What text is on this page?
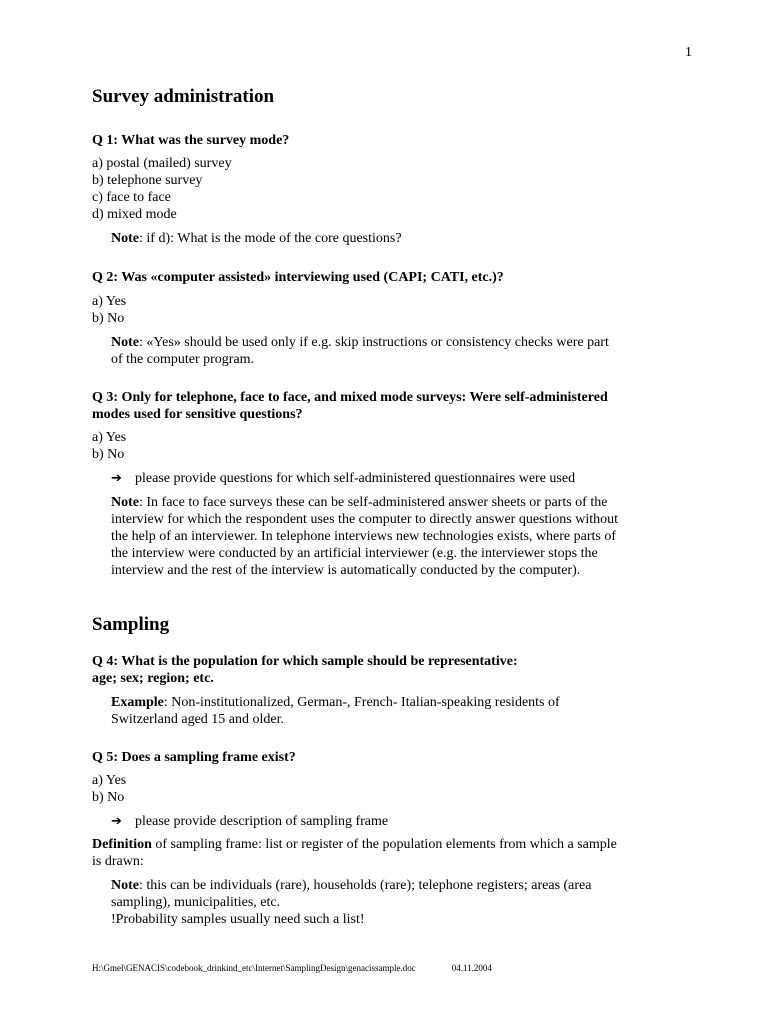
1
Survey administration

Q 1: What was the survey mode?

a) postal (mailed) survey

b) telephone survey

c) face to face

d) mixed mode

Note: if d): What is the mode of the core questions?

Q 2: Was «computer assisted» interviewing used (CAPI; CATI, etc.)?

a) Yes

b) No

Note: «Yes» should be used only if e.g. skip instructions or consistency checks were part

of the computer program.

Q 3: Only for telephone, face to face, and mixed mode surveys: Were self-administered

modes used for sensitive questions?

a) Yes

b) No

➔ please provide questions for which self-administered questionnaires were used

Note: In face to face surveys these can be self-administered answer sheets or parts of the

interview for which the respondent uses the computer to directly answer questions without

the help of an interviewer. In telephone interviews new technologies exists, where parts of

the interview were conducted by an artificial interviewer (e.g. the interviewer stops the

interview and the rest of the interview is automatically conducted by the computer).

Sampling

Q 4: What is the population for which sample should be representative:

age; sex; region; etc.

Example: Non-institutionalized, German-, French- Italian-speaking residents of

Switzerland aged 15 and older.

Q 5: Does a sampling frame exist?

a) Yes

b) No

➔ please provide description of sampling frame

Definition of sampling frame: list or register of the population elements from which a sample

is drawn:

Note: this can be individuals (rare), households (rare); telephone registers; areas (area

sampling), municipalities, etc.

!Probability samples usually need such a list!

H:\Gmel\GENACIS\codebook_drinkind_etc\Internet\SamplingDesign\genacissample.doc	04.11.2004
